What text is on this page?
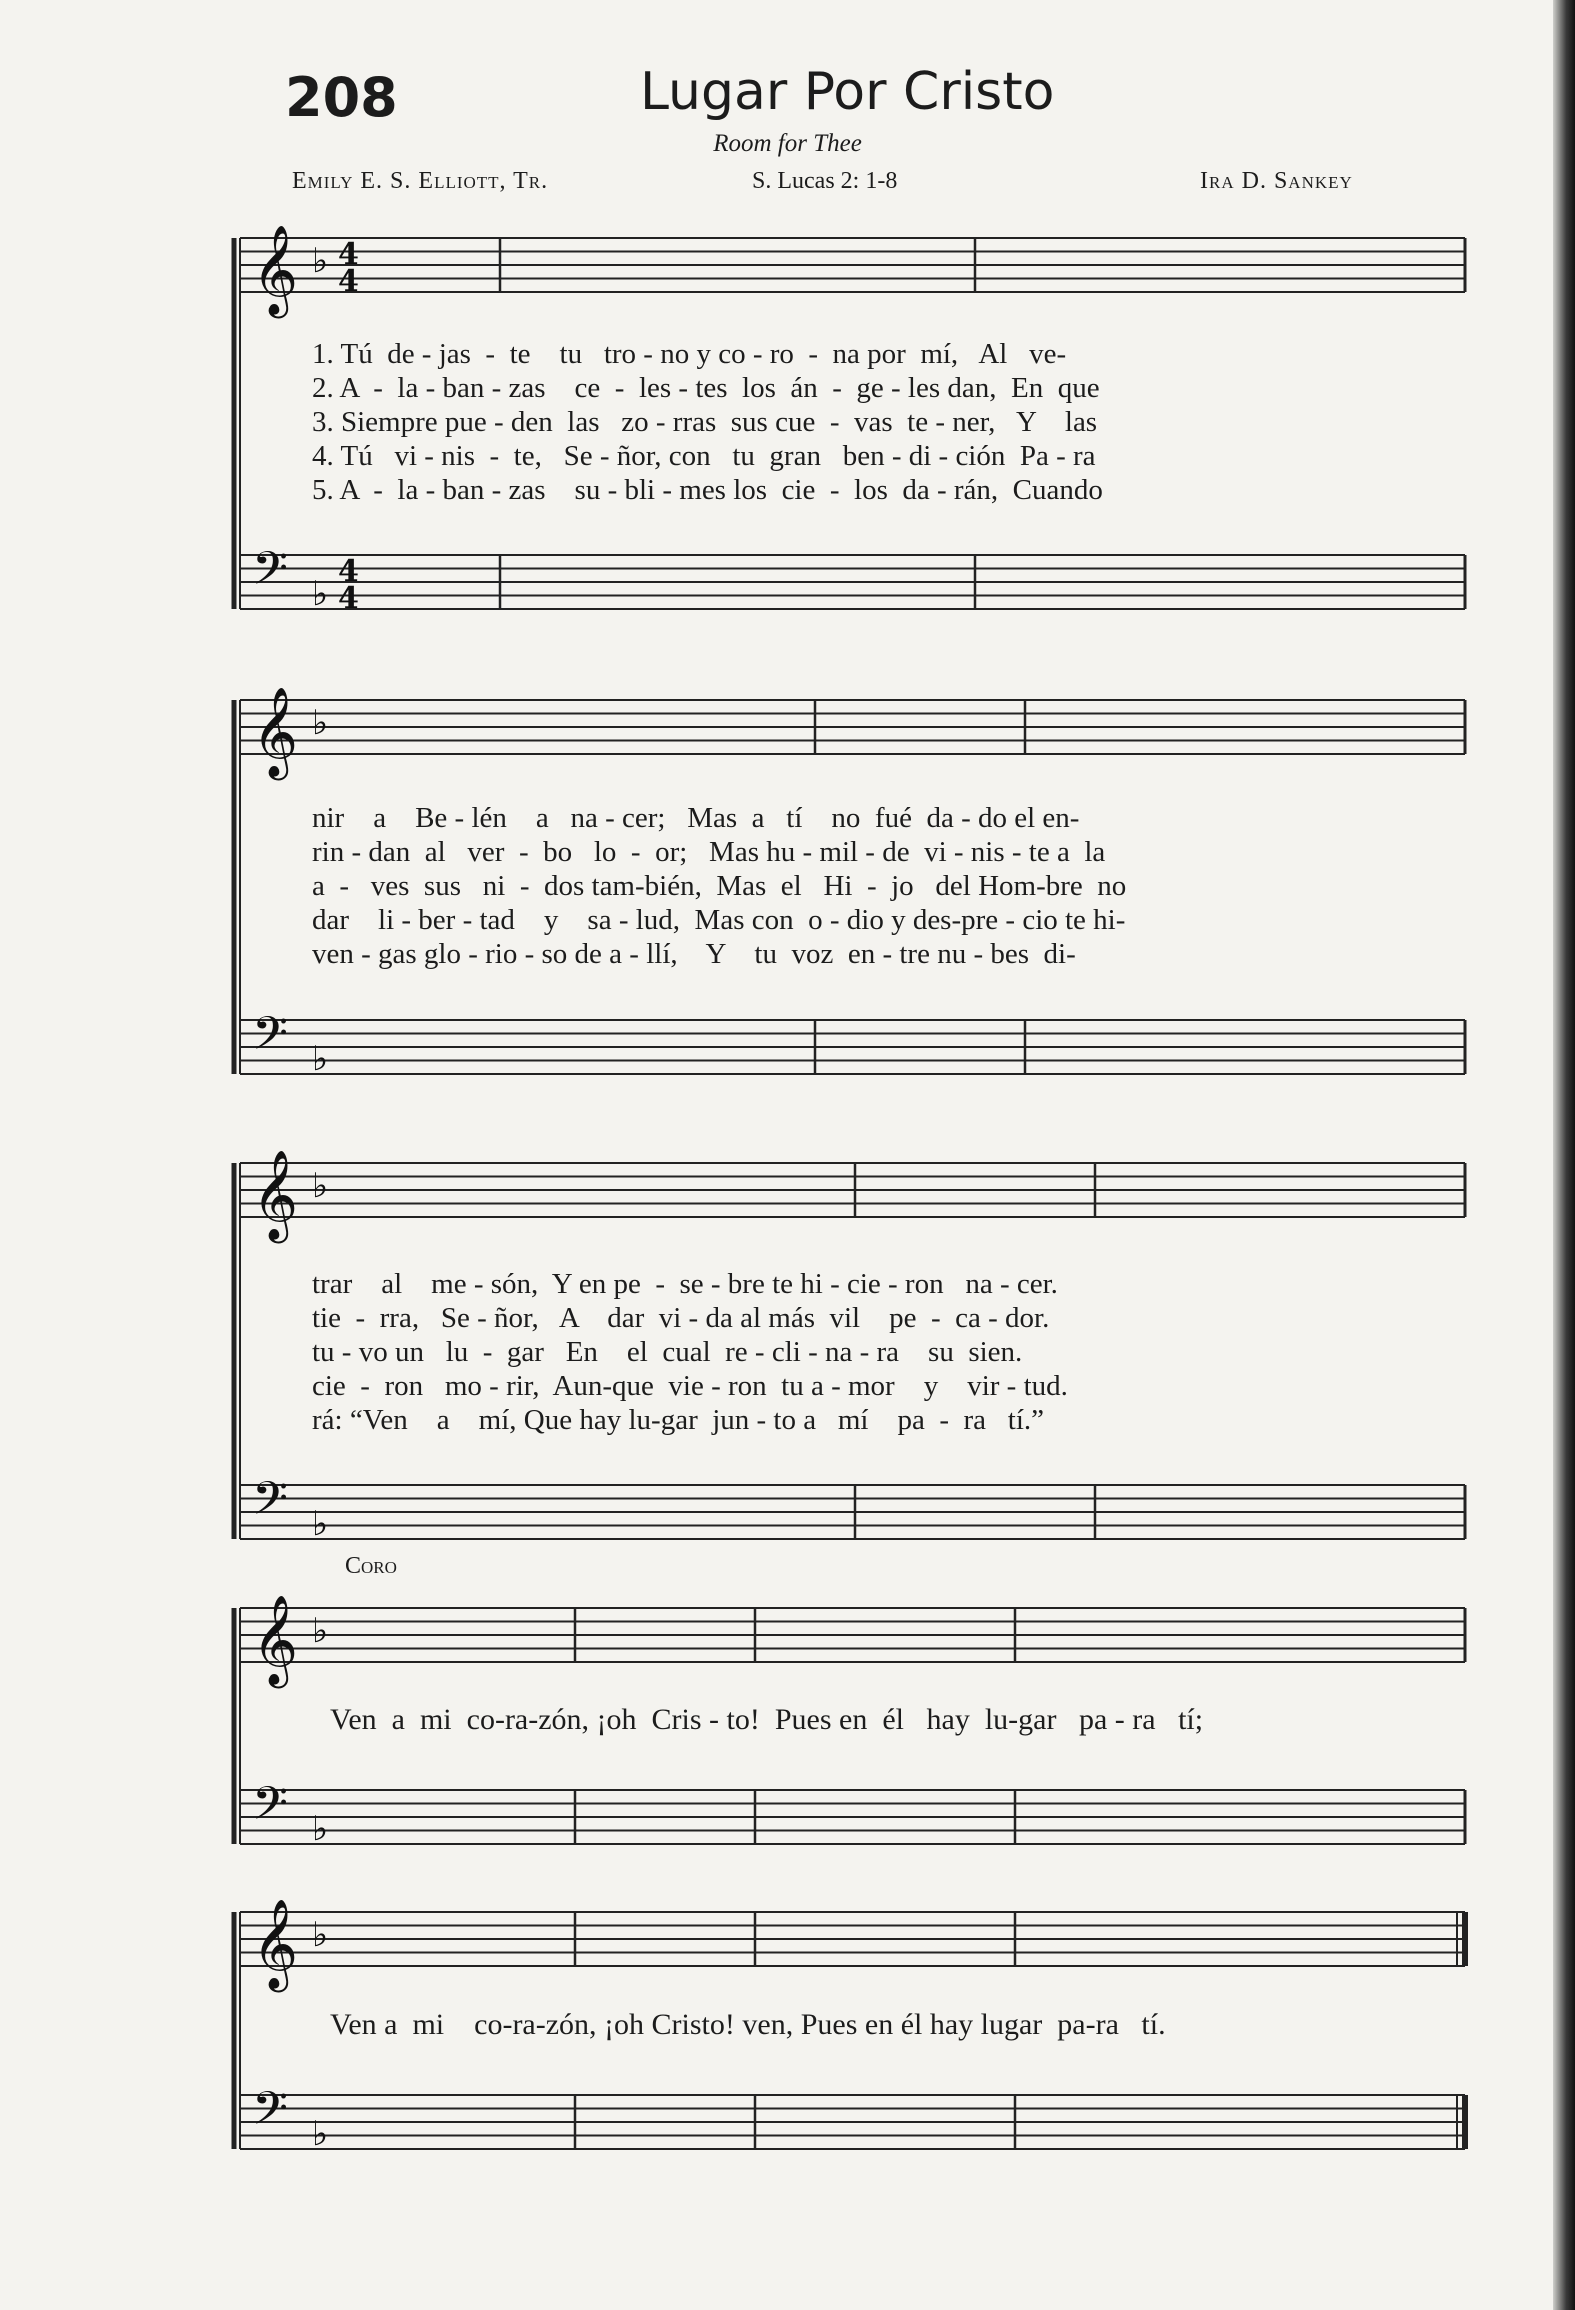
208	Lugar Por Cristo
Room for Thee
Emily E. S. Elliott, Tr.	S. Lucas 2: 1-8	Ira D. Sankey
𝄞 ♭ 4
4
𝄢 ♭
4
4
𝄞 ♭
𝄢 ♭
𝄞 ♭
𝄢 ♭
𝄞 ♭
𝄢 ♭
𝄞 ♭
𝄢 ♭
1. Tú  de - jas  -  te    tu   tro - no y co - ro  -  na por  mí,   Al   ve-
2. A  -  la - ban - zas    ce  -  les - tes  los  án  -  ge - les dan,  En  que
3. Siempre pue - den  las   zo - rras  sus cue  -  vas  te - ner,   Y    las
4. Tú   vi - nis  -  te,   Se - ñor, con   tu  gran   ben - di - ción  Pa - ra
5. A  -  la - ban - zas    su - bli - mes los  cie  -  los  da - rán,  Cuando
nir    a    Be - lén    a   na - cer;   Mas  a   tí    no  fué  da - do el en-
rin - dan  al   ver  -  bo   lo  -  or;   Mas hu - mil - de  vi - nis - te a  la
a  -   ves  sus   ni  -  dos tam-bién,  Mas  el   Hi  -  jo   del Hom-bre  no
dar    li - ber - tad    y    sa - lud,  Mas con  o - dio y des-pre - cio te hi-
ven - gas glo - rio - so de a - llí,    Y    tu  voz  en - tre nu - bes  di-
trar    al    me - són,  Y en pe  -  se - bre te hi - cie - ron   na - cer.
tie  -  rra,   Se - ñor,   A    dar  vi - da al más  vil    pe  -  ca - dor.
tu - vo un   lu  -  gar   En    el  cual  re - cli - na - ra    su  sien.
cie  -  ron   mo - rir,  Aun-que  vie - ron  tu a - mor    y    vir - tud.
rá: “Ven    a    mí, Que hay lu-gar  jun - to a   mí    pa  -  ra   tí.”
Coro
Ven  a  mi  co-ra-zón, ¡oh  Cris - to!  Pues en  él   hay  lu-gar   pa - ra   tí;
Ven a  mi    co-ra-zón, ¡oh Cristo! ven, Pues en él hay lugar  pa-ra   tí.
